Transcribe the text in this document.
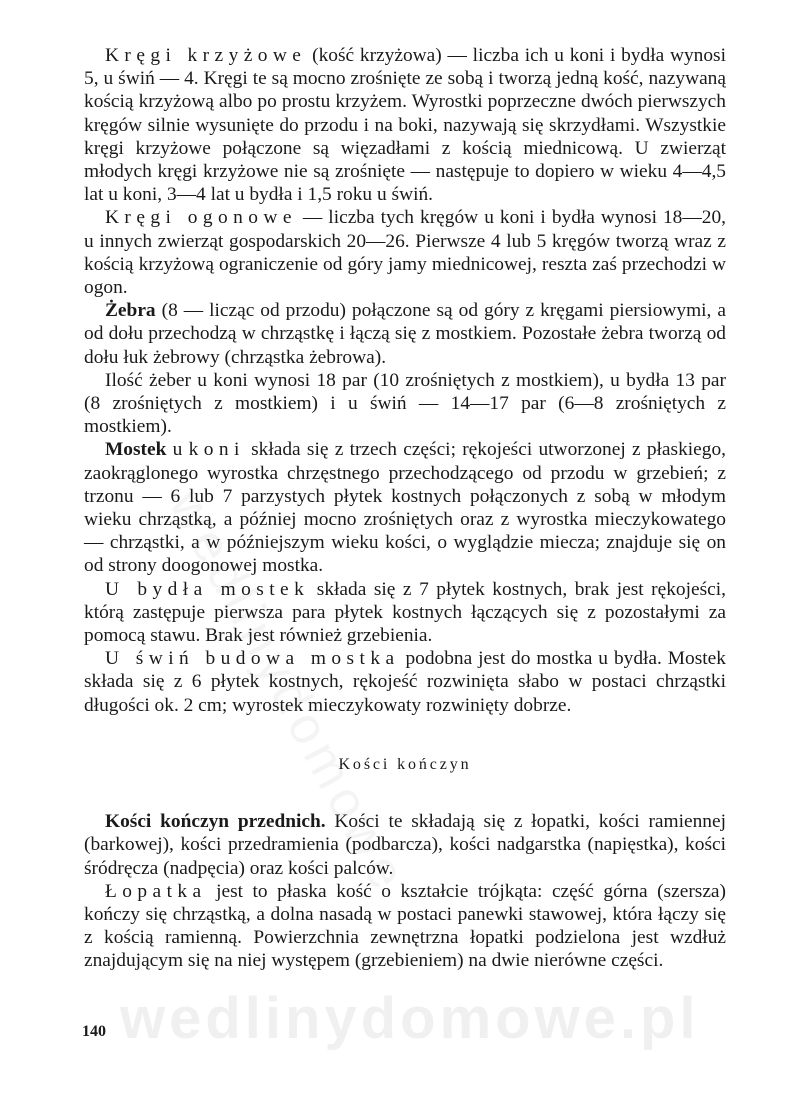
Kręgi krzyżowe (kość krzyżowa) — liczba ich u koni i bydła wynosi 5, u świń — 4. Kręgi te są mocno zrośnięte ze sobą i tworzą jedną kość, nazywaną kością krzyżową albo po prostu krzyżem. Wyrostki poprzeczne dwóch pierwszych kręgów silnie wysunięte do przodu i na boki, nazywają się skrzydłami. Wszystkie kręgi krzyżowe połączone są więzadłami z kością miednicową. U zwierząt młodych kręgi krzyżowe nie są zrośnięte — następuje to dopiero w wieku 4—4,5 lat u koni, 3—4 lat u bydła i 1,5 roku u świń.

Kręgi ogonowe — liczba tych kręgów u koni i bydła wynosi 18—20, u innych zwierząt gospodarskich 20—26. Pierwsze 4 lub 5 kręgów tworzą wraz z kością krzyżową ograniczenie od góry jamy miednicowej, reszta zaś przechodzi w ogon.

Żebra (8 — licząc od przodu) połączone są od góry z kręgami piersiowymi, a od dołu przechodzą w chrząstkę i łączą się z mostkiem. Pozostałe żebra tworzą od dołu łuk żebrowy (chrząstka żebrowa).

Ilość żeber u koni wynosi 18 par (10 zrośniętych z mostkiem), u bydła 13 par (8 zrośniętych z mostkiem) i u świń — 14—17 par (6—8 zrośniętych z mostkiem).

Mostek u koni składa się z trzech części; rękojeści utworzonej z płaskiego, zaokrąglonego wyrostka chrzęstnego przechodzącego od przodu w grzebień; z trzonu — 6 lub 7 parzystych płytek kostnych połączonych z sobą w młodym wieku chrząstką, a później mocno zrośniętych oraz z wyrostka mieczykowatego — chrząstki, a w późniejszym wieku kości, o wyglądzie miecza; znajduje się on od strony doogonowej mostka.

U bydła mostek składa się z 7 płytek kostnych, brak jest rękojeści, którą zastępuje pierwsza para płytek kostnych łączących się z pozostałymi za pomocą stawu. Brak jest również grzebienia.

U świń budowa mostka podobna jest do mostka u bydła. Mostek składa się z 6 płytek kostnych, rękojeść rozwinięta słabo w postaci chrząstki długości ok. 2 cm; wyrostek mieczykowaty rozwinięty dobrze.

Kości kończyn

Kości kończyn przednich. Kości te składają się z łopatki, kości ramiennej (barkowej), kości przedramienia (podbarcza), kości nadgarstka (napięstka), kości śródręcza (nadpęcia) oraz kości palców.

Łopatka jest to płaska kość o kształcie trójkąta: część górna (szersza) kończy się chrząstką, a dolna nasadą w postaci panewki stawowej, która łączy się z kością ramienną. Powierzchnia zewnętrzna łopatki podzielona jest wzdłuż znajdującym się na niej występem (grzebieniem) na dwie nierówne części.

140 wedlinydomowe.pl
